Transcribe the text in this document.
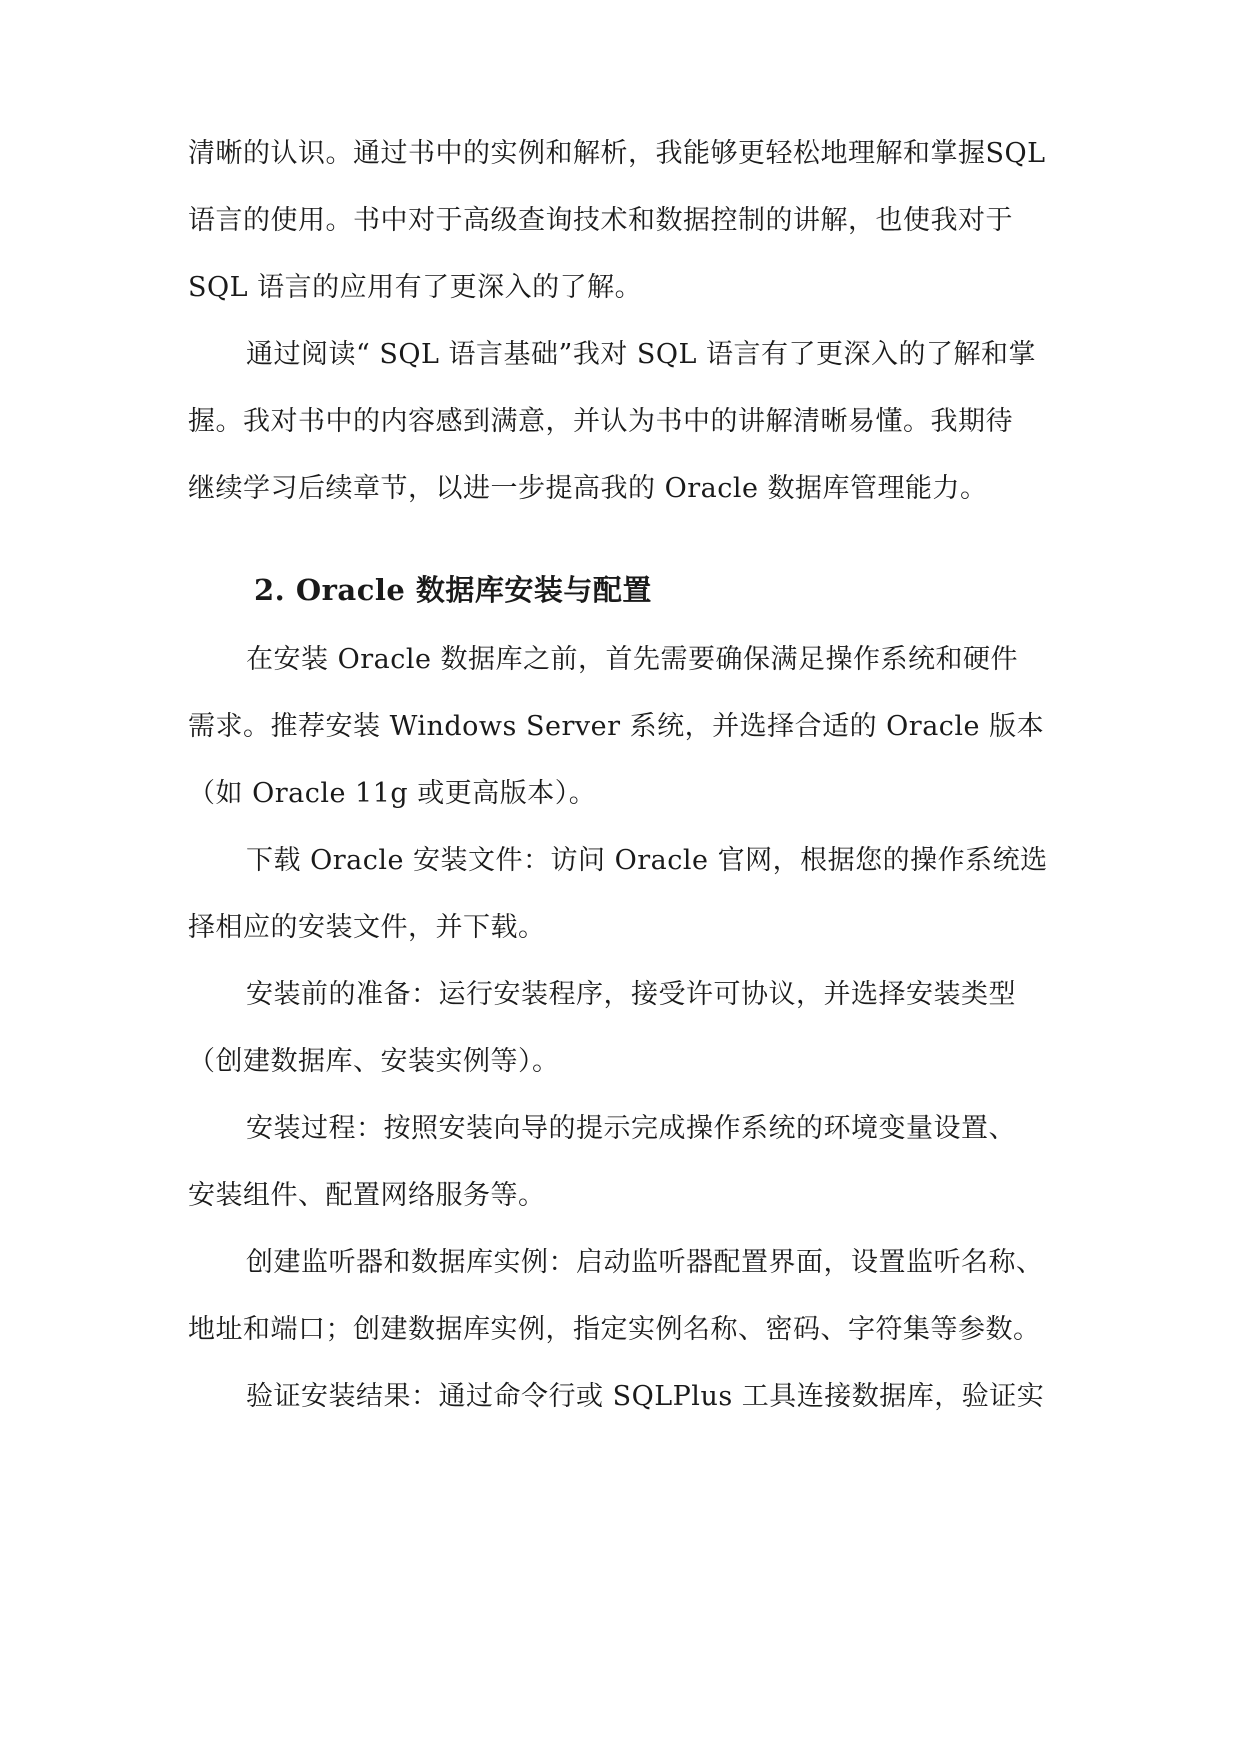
清晰的认识。通过书中的实例和解析，我能够更轻松地理解和掌握SQL
语言的使用。书中对于高级查询技术和数据控制的讲解，也使我对于
SQL 语言的应用有了更深入的了解。
通过阅读“ SQL 语言基础”我对 SQL 语言有了更深入的了解和掌
握。我对书中的内容感到满意，并认为书中的讲解清晰易懂。我期待
继续学习后续章节，以进一步提高我的 Oracle 数据库管理能力。
2. Oracle 数据库安装与配置
在安装 Oracle 数据库之前，首先需要确保满足操作系统和硬件
需求。推荐安装 Windows Server 系统，并选择合适的 Oracle 版本
（如 Oracle 11g 或更高版本）。
下载 Oracle 安装文件：访问 Oracle 官网，根据您的操作系统选
择相应的安装文件，并下载。
安装前的准备：运行安装程序，接受许可协议，并选择安装类型
（创建数据库、安装实例等）。
安装过程：按照安装向导的提示完成操作系统的环境变量设置、
安装组件、配置网络服务等。
创建监听器和数据库实例：启动监听器配置界面，设置监听名称、
地址和端口；创建数据库实例，指定实例名称、密码、字符集等参数。
验证安装结果：通过命令行或 SQLPlus 工具连接数据库，验证实
